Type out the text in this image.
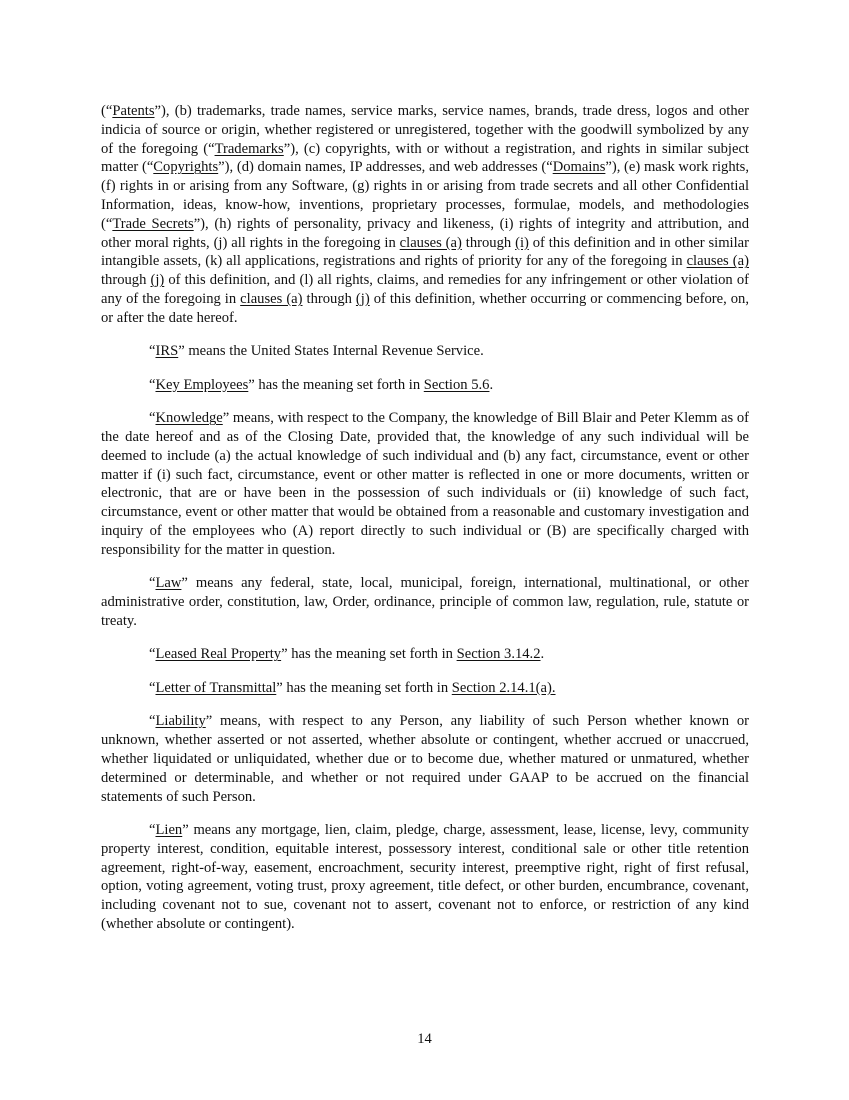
(“Patents”), (b) trademarks, trade names, service marks, service names, brands, trade dress, logos and other indicia of source or origin, whether registered or unregistered, together with the goodwill symbolized by any of the foregoing (“Trademarks”), (c) copyrights, with or without a registration, and rights in similar subject matter (“Copyrights”), (d) domain names, IP addresses, and web addresses (“Domains”), (e) mask work rights, (f) rights in or arising from any Software, (g) rights in or arising from trade secrets and all other Confidential Information, ideas, know-how, inventions, proprietary processes, formulae, models, and methodologies (“Trade Secrets”), (h) rights of personality, privacy and likeness, (i) rights of integrity and attribution, and other moral rights, (j) all rights in the foregoing in clauses (a) through (i) of this definition and in other similar intangible assets, (k) all applications, registrations and rights of priority for any of the foregoing in clauses (a) through (j) of this definition, and (l) all rights, claims, and remedies for any infringement or other violation of any of the foregoing in clauses (a) through (j) of this definition, whether occurring or commencing before, on, or after the date hereof.

“IRS” means the United States Internal Revenue Service.

“Key Employees” has the meaning set forth in Section 5.6.

“Knowledge” means, with respect to the Company, the knowledge of Bill Blair and Peter Klemm as of the date hereof and as of the Closing Date, provided that, the knowledge of any such individual will be deemed to include (a) the actual knowledge of such individual and (b) any fact, circumstance, event or other matter if (i) such fact, circumstance, event or other matter is reflected in one or more documents, written or electronic, that are or have been in the possession of such individuals or (ii) knowledge of such fact, circumstance, event or other matter that would be obtained from a reasonable and customary investigation and inquiry of the employees who (A) report directly to such individual or (B) are specifically charged with responsibility for the matter in question.

“Law” means any federal, state, local, municipal, foreign, international, multinational, or other administrative order, constitution, law, Order, ordinance, principle of common law, regulation, rule, statute or treaty.

“Leased Real Property” has the meaning set forth in Section 3.14.2.

“Letter of Transmittal” has the meaning set forth in Section 2.14.1(a).

“Liability” means, with respect to any Person, any liability of such Person whether known or unknown, whether asserted or not asserted, whether absolute or contingent, whether accrued or unaccrued, whether liquidated or unliquidated, whether due or to become due, whether matured or unmatured, whether determined or determinable, and whether or not required under GAAP to be accrued on the financial statements of such Person.

“Lien” means any mortgage, lien, claim, pledge, charge, assessment, lease, license, levy, community property interest, condition, equitable interest, possessory interest, conditional sale or other title retention agreement, right-of-way, easement, encroachment, security interest, preemptive right, right of first refusal, option, voting agreement, voting trust, proxy agreement, title defect, or other burden, encumbrance, covenant, including covenant not to sue, covenant not to assert, covenant not to enforce, or restriction of any kind (whether absolute or contingent).

14
